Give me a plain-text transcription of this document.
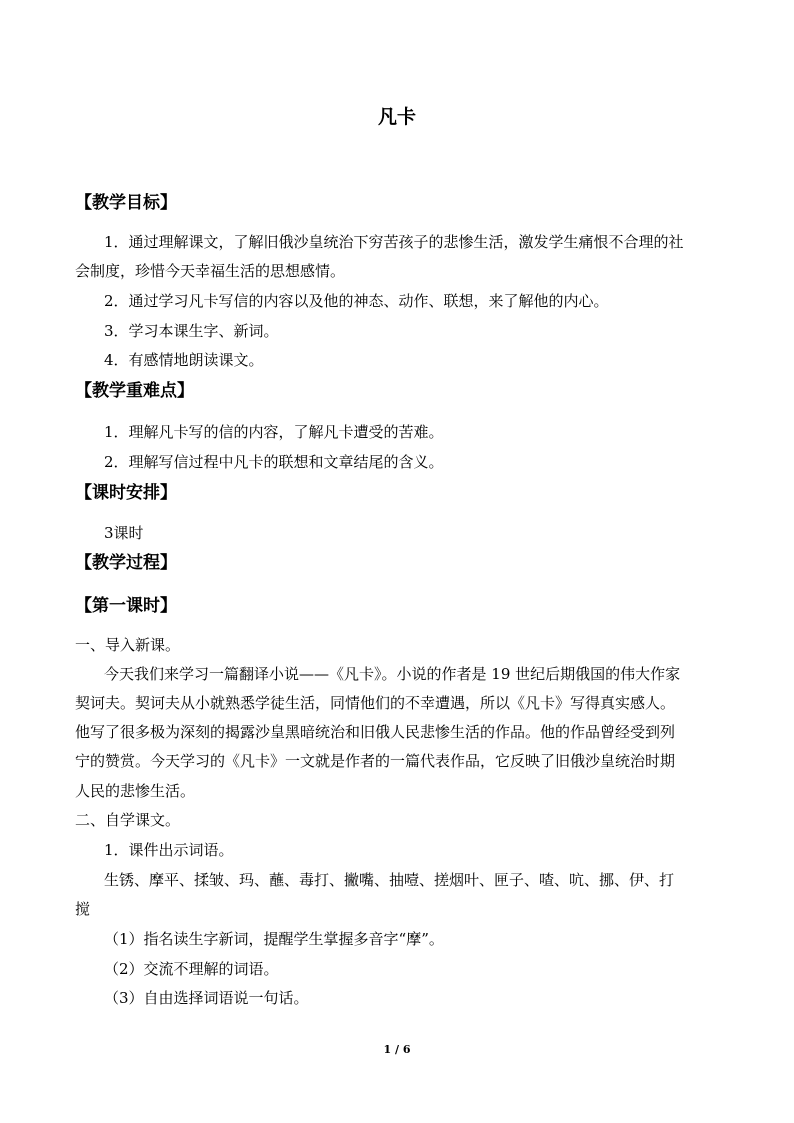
凡卡
【教学目标】
1．通过理解课文，了解旧俄沙皇统治下穷苦孩子的悲惨生活，激发学生痛恨不合理的社
会制度，珍惜今天幸福生活的思想感情。
2．通过学习凡卡写信的内容以及他的神态、动作、联想，来了解他的内心。
3．学习本课生字、新词。
4．有感情地朗读课文。
【教学重难点】
1．理解凡卡写的信的内容，了解凡卡遭受的苦难。
2．理解写信过程中凡卡的联想和文章结尾的含义。
【课时安排】
3课时
【教学过程】
【第一课时】
一、导入新课。
今天我们来学习一篇翻译小说——《凡卡》。小说的作者是 19 世纪后期俄国的伟大作家
契诃夫。契诃夫从小就熟悉学徒生活，同情他们的不幸遭遇，所以《凡卡》写得真实感人。
他写了很多极为深刻的揭露沙皇黑暗统治和旧俄人民悲惨生活的作品。他的作品曾经受到列
宁的赞赏。今天学习的《凡卡》一文就是作者的一篇代表作品，它反映了旧俄沙皇统治时期
人民的悲惨生活。
二、自学课文。
1．课件出示词语。
生锈、摩平、揉皱、玛、蘸、毒打、撇嘴、抽噎、搓烟叶、匣子、喳、吭、挪、伊、打
搅
（1）指名读生字新词，提醒学生掌握多音字“摩”。
（2）交流不理解的词语。
（3）自由选择词语说一句话。
1 / 6
